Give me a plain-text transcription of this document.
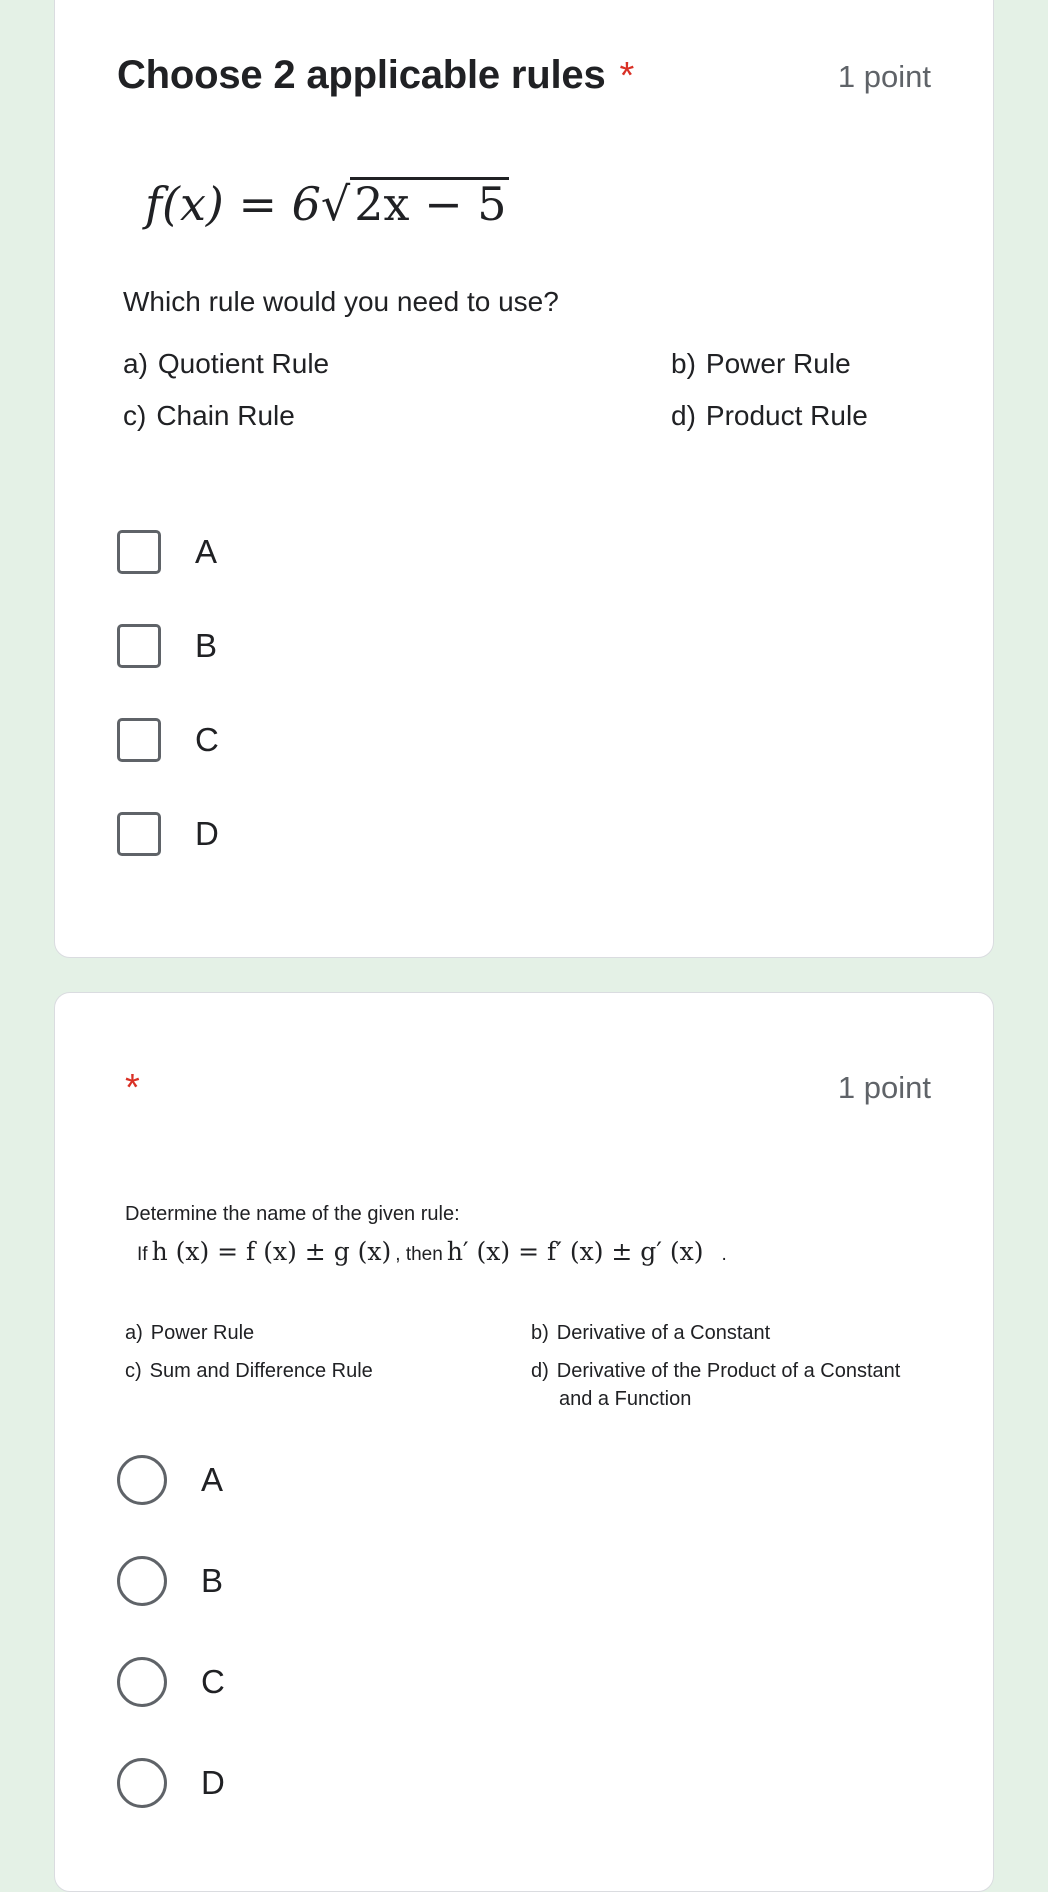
Choose 2 applicable rules *	1 point
f(x) = 6√2x − 5
Which rule would you need to use?
a) Quotient Rule	b) Power Rule
c) Chain Rule	d) Product Rule
A
B
C
D
*	1 point
Determine the name of the given rule:
If h (x) = f (x) ± g (x) , then h′ (x) = f′ (x) ± g′ (x) .
a) Power Rule	b) Derivative of a Constant
c) Sum and Difference Rule	d) Derivative of the Product of a Constant
and a Function
A
B
C
D
